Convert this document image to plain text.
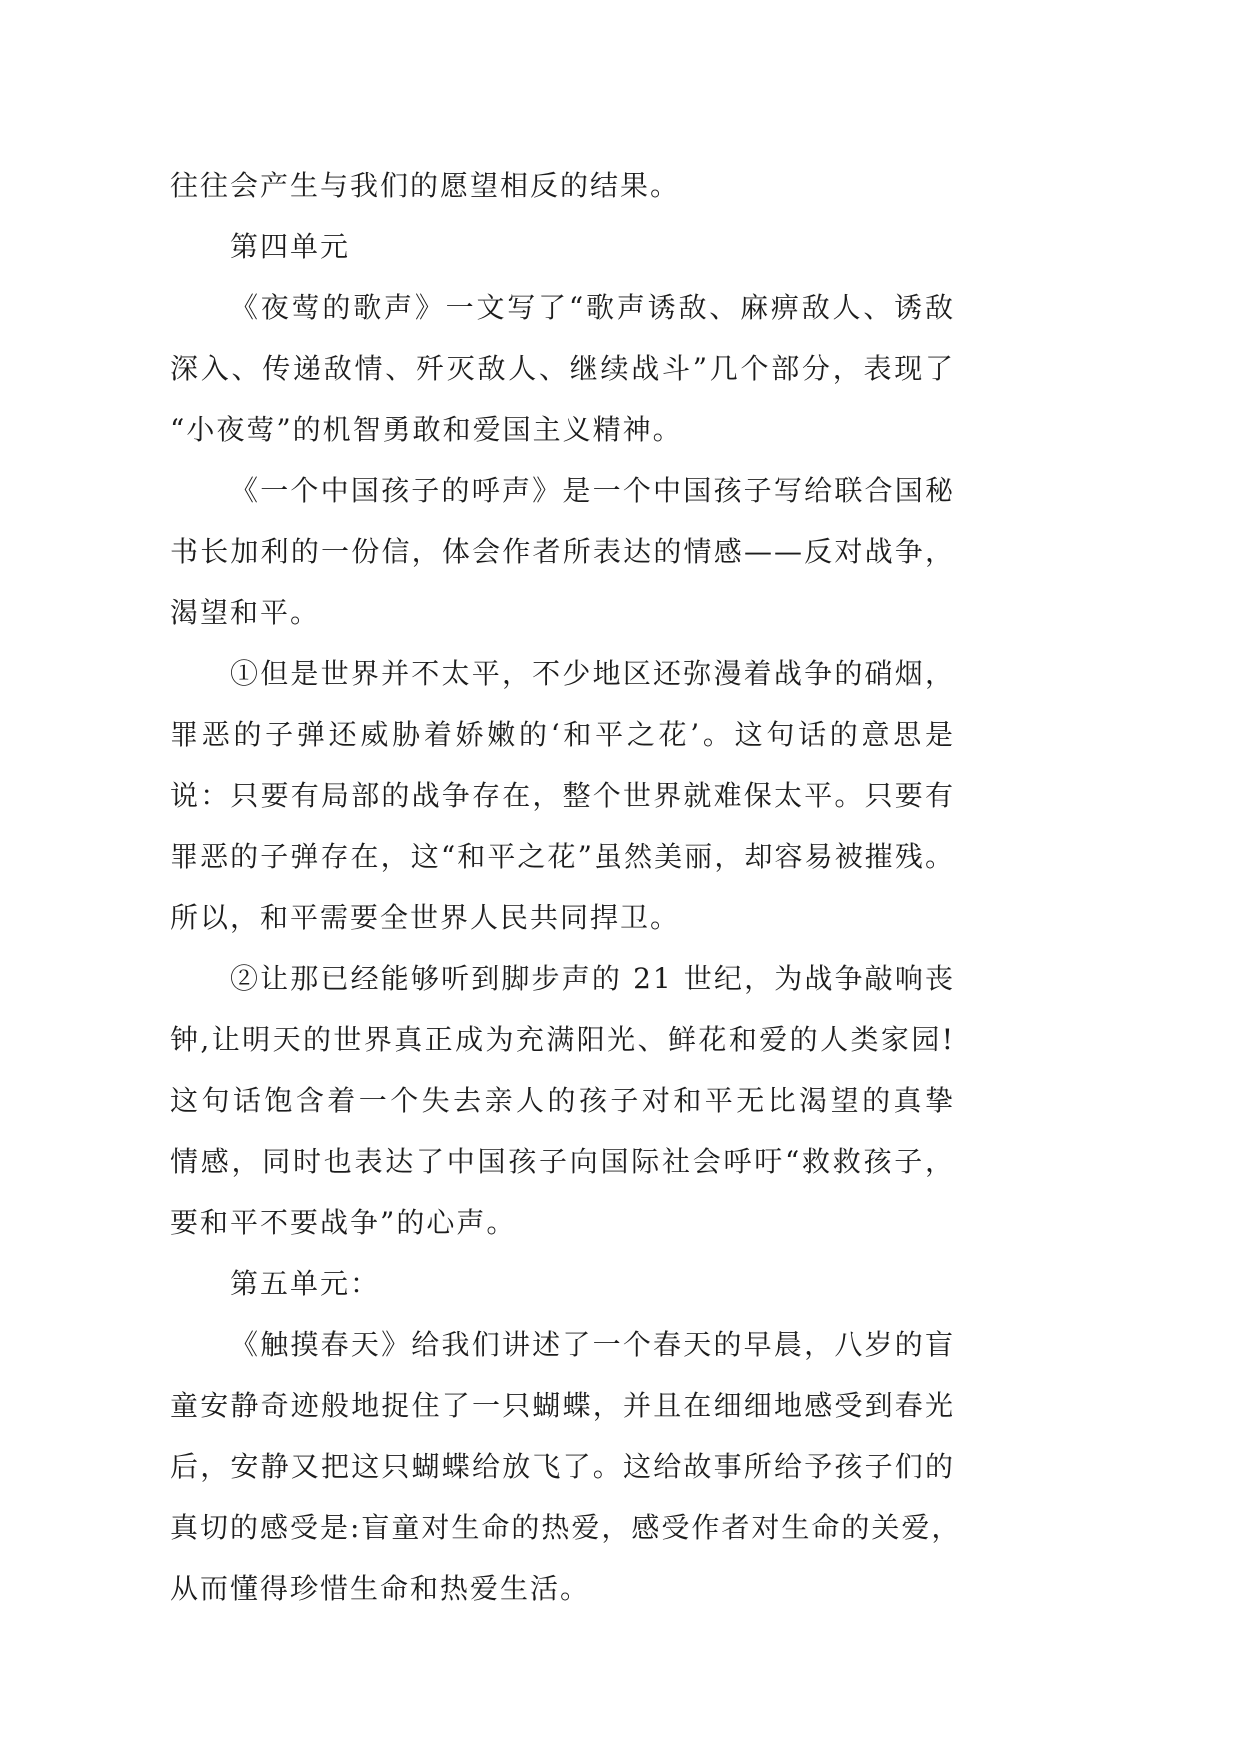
往往会产生与我们的愿望相反的结果。
第四单元
《夜莺的歌声》一文写了“歌声诱敌、麻痹敌人、诱敌
深入、传递敌情、歼灭敌人、继续战斗”几个部分，表现了
“小夜莺”的机智勇敢和爱国主义精神。
《一个中国孩子的呼声》是一个中国孩子写给联合国秘
书长加利的一份信，体会作者所表达的情感——反对战争，
渴望和平。
①但是世界并不太平，不少地区还弥漫着战争的硝烟，
罪恶的子弹还威胁着娇嫩的‘和平之花’。这句话的意思是
说：只要有局部的战争存在，整个世界就难保太平。只要有
罪恶的子弹存在，这“和平之花”虽然美丽，却容易被摧残。
所以，和平需要全世界人民共同捍卫。
②让那已经能够听到脚步声的 21 世纪，为战争敲响丧
钟,让明天的世界真正成为充满阳光、鲜花和爱的人类家园!
这句话饱含着一个失去亲人的孩子对和平无比渴望的真挚
情感，同时也表达了中国孩子向国际社会呼吁“救救孩子，
要和平不要战争”的心声。
第五单元：
《触摸春天》给我们讲述了一个春天的早晨，八岁的盲
童安静奇迹般地捉住了一只蝴蝶，并且在细细地感受到春光
后，安静又把这只蝴蝶给放飞了。这给故事所给予孩子们的
真切的感受是:盲童对生命的热爱，感受作者对生命的关爱，
从而懂得珍惜生命和热爱生活。
